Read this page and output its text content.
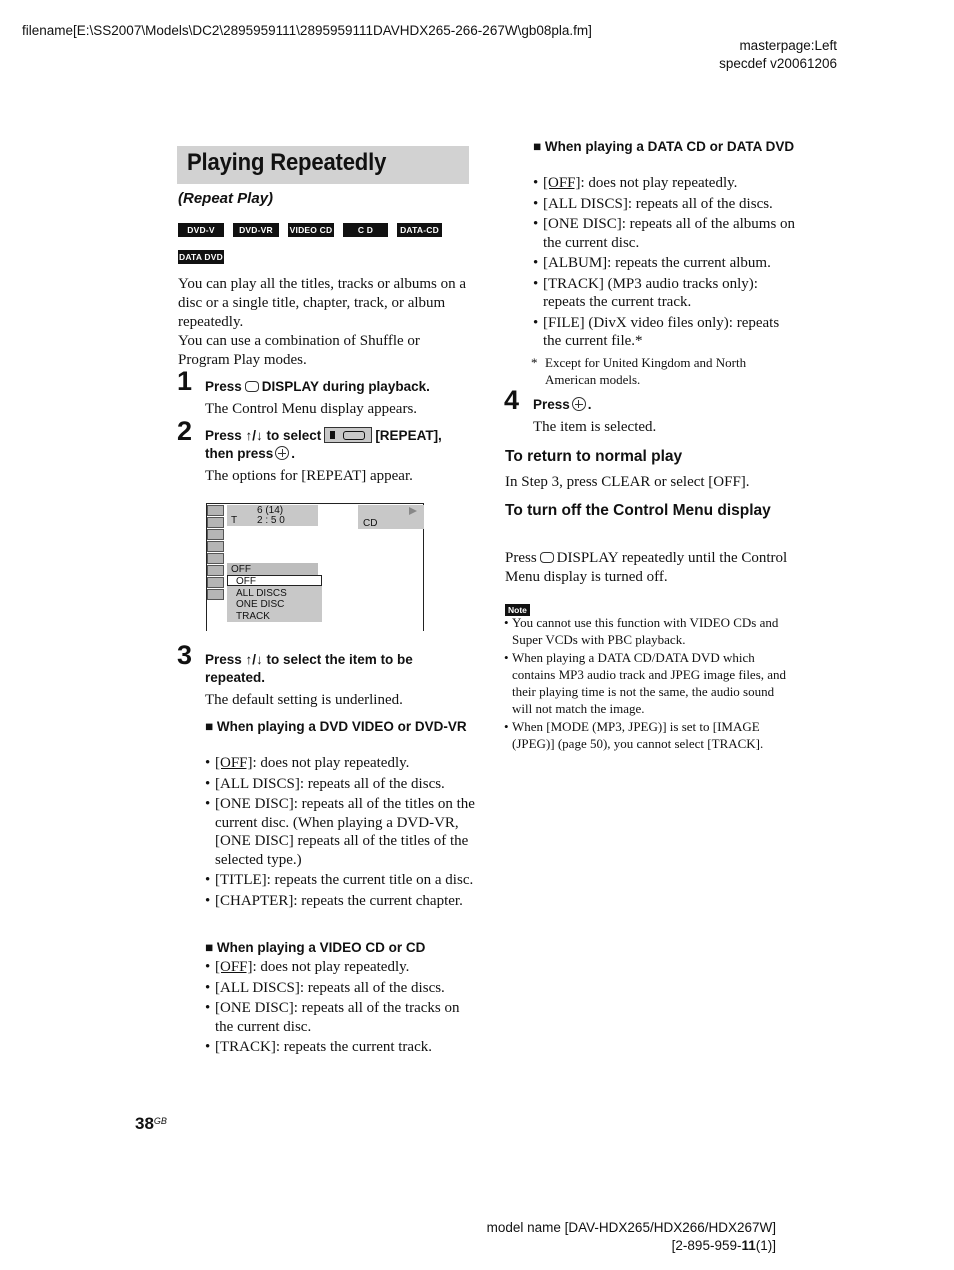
filename[E:\SS2007\Models\DC2\2895959111\2895959111DAVHDX265-266-267W\gb08pla.fm]
masterpage:Left
specdef v20061206
Playing Repeatedly
(Repeat Play)
DVD-V	DVD-VR	VIDEO CD	C D	DATA-CD
DATA DVD
You can play all the titles, tracks or albums on a disc or a single title, chapter, track, or album repeatedly.
You can use a combination of Shuffle or Program Play modes.
1 Press DISPLAY during playback.
The Control Menu display appears.
2 Press ↑/↓ to select	[REPEAT],
then press .
The options for [REPEAT] appear.
6 (14)
T 2 : 5 0	CD
OFF
OFF
ALL DISCS
ONE DISC
TRACK
3 Press ↑/↓ to select the item to be repeated.
The default setting is underlined.
■ When playing a DVD VIDEO or DVD-VR
• [OFF]: does not play repeatedly.
• [ALL DISCS]: repeats all of the discs.
• [ONE DISC]: repeats all of the titles on the current disc. (When playing a DVD-VR, [ONE DISC] repeats all of the titles of the selected type.)
• [TITLE]: repeats the current title on a disc.
• [CHAPTER]: repeats the current chapter.
■ When playing a VIDEO CD or CD
• [OFF]: does not play repeatedly.
• [ALL DISCS]: repeats all of the discs.
• [ONE DISC]: repeats all of the tracks on the current disc.
• [TRACK]: repeats the current track.
$38^{GB}$
■ When playing a DATA CD or DATA DVD
• [OFF]: does not play repeatedly.
• [ALL DISCS]: repeats all of the discs.
• [ONE DISC]: repeats all of the albums on the current disc.
• [ALBUM]: repeats the current album.
• [TRACK] (MP3 audio tracks only): repeats the current track.
• [FILE] (DivX video files only): repeats the current file.*
* Except for United Kingdom and North American models.
4 Press .
The item is selected.
To return to normal play
In Step 3, press CLEAR or select [OFF].
To turn off the Control Menu display
Press DISPLAY repeatedly until the Control Menu display is turned off.
Note
• You cannot use this function with VIDEO CDs and Super VCDs with PBC playback.
• When playing a DATA CD/DATA DVD which contains MP3 audio track and JPEG image files, and their playing time is not the same, the audio sound will not match the image.
• When [MODE (MP3, JPEG)] is set to [IMAGE (JPEG)] (page 50), you cannot select [TRACK].
model name [DAV-HDX265/HDX266/HDX267W]
[2-895-959-11(1)]
